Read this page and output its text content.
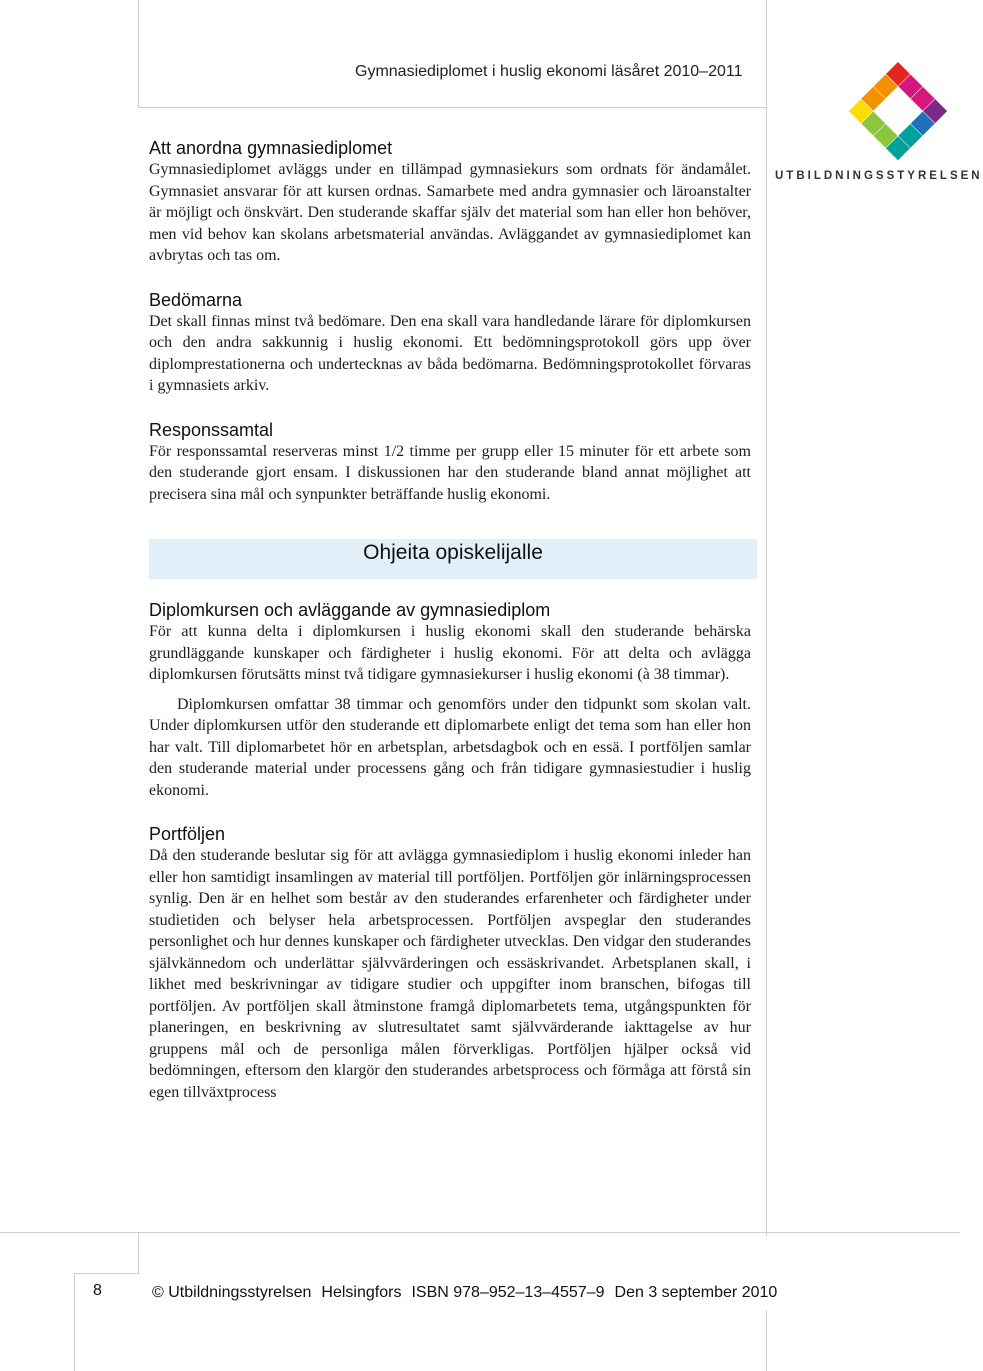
Gymnasiediplomet i huslig ekonomi läsåret 2010–2011
UTBILDNINGSSTYRELSEN
Att anordna gymnasiediplomet

Gymnasiediplomet avläggs under en tillämpad gymnasiekurs som ordnats för ändamålet. Gymnasiet ansvarar för att kursen ordnas. Samarbete med andra gymnasier och läroanstalter är möjligt och önskvärt. Den studerande skaffar själv det material som han eller hon behöver, men vid behov kan skolans arbetsmaterial användas. Avläggandet av gymnasiediplomet kan avbrytas och tas om.

Bedömarna

Det skall finnas minst två bedömare. Den ena skall vara handledande lärare för diplomkursen och den andra sakkunnig i huslig ekonomi. Ett bedömningsprotokoll görs upp över diplomprestationerna och undertecknas av båda bedömarna. Bedömningsprotokollet förvaras i gymnasiets arkiv.

Responssamtal

För responssamtal reserveras minst 1/2 timme per grupp eller 15 minuter för ett arbete som den studerande gjort ensam. I diskussionen har den studerande bland annat möjlighet att precisera sina mål och synpunkter beträffande huslig ekonomi.

Ohjeita opiskelijalle
Diplomkursen och avläggande av gymnasiediplom

För att kunna delta i diplomkursen i huslig ekonomi skall den studerande behärska grundläggande kunskaper och färdigheter i huslig ekonomi. För att delta och avlägga diplomkursen förutsätts minst två tidigare gymnasiekurser i huslig ekonomi (à 38 timmar).

Diplomkursen omfattar 38 timmar och genomförs under den tidpunkt som skolan valt. Under diplomkursen utför den studerande ett diplomarbete enligt det tema som han eller hon har valt. Till diplomarbetet hör en arbetsplan, arbetsdagbok och en essä. I portföljen samlar den studerande material under processens gång och från tidigare gymnasiestudier i huslig ekonomi.

Portföljen

Då den studerande beslutar sig för att avlägga gymnasiediplom i huslig ekonomi inleder han eller hon samtidigt insamlingen av material till portföljen. Portföljen gör inlärningsprocessen synlig. Den är en helhet som består av den studerandes erfarenheter och färdigheter under studietiden och belyser hela arbetsprocessen. Portföljen avspeglar den studerandes personlighet och hur dennes kunskaper och färdigheter utvecklas. Den vidgar den studerandes självkännedom och underlättar självvärderingen och essäskrivandet. Arbetsplanen skall, i likhet med beskrivningar av tidigare studier och uppgifter inom branschen, bifogas till portföljen. Av portföljen skall åtminstone framgå diplomarbetets tema, utgångspunkten för planeringen, en beskrivning av slutresultatet samt självvärderande iakttagelse av hur gruppens mål och de personliga målen förverkligas. Portföljen hjälper också vid bedömningen, eftersom den klargör den studerandes arbetsprocess och förmåga att förstå sin egen tillväxtprocess

8	© Utbildningsstyrelsen Helsingfors ISBN 978–952–13–4557–9 Den 3 september 2010
